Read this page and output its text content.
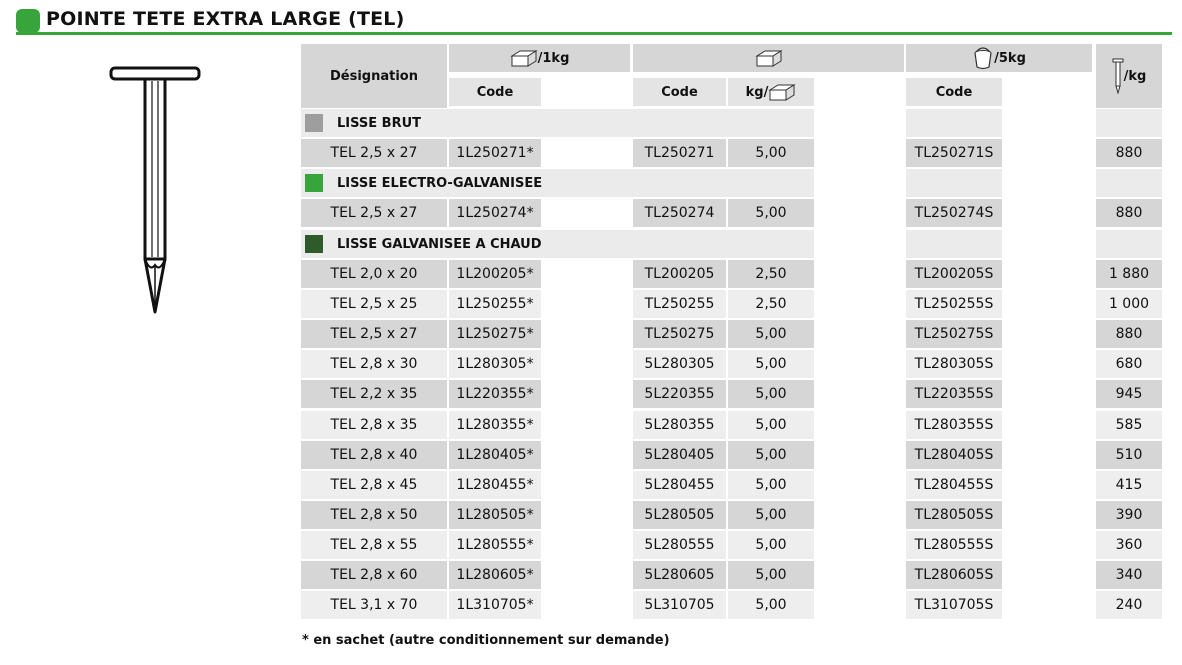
POINTE TETE EXTRA LARGE (TEL)
Désignation
/1kg	/5kg
/kg
Code	Code	kg/	Code
LISSE BRUT
TEL 2,5 x 27	1L250271*	TL250271	5,00	TL250271S	880
LISSE ELECTRO-GALVANISEE
TEL 2,5 x 27	1L250274*	TL250274	5,00	TL250274S	880
LISSE GALVANISEE A CHAUD
TEL 2,0 x 20	1L200205*	TL200205	2,50	TL200205S	1 880
TEL 2,5 x 25	1L250255*	TL250255	2,50	TL250255S	1 000
TEL 2,5 x 27	1L250275*	TL250275	5,00	TL250275S	880
TEL 2,8 x 30	1L280305*	5L280305	5,00	TL280305S	680
TEL 2,2 x 35	1L220355*	5L220355	5,00	TL220355S	945
TEL 2,8 x 35	1L280355*	5L280355	5,00	TL280355S	585
TEL 2,8 x 40	1L280405*	5L280405	5,00	TL280405S	510
TEL 2,8 x 45	1L280455*	5L280455	5,00	TL280455S	415
TEL 2,8 x 50	1L280505*	5L280505	5,00	TL280505S	390
TEL 2,8 x 55	1L280555*	5L280555	5,00	TL280555S	360
TEL 2,8 x 60	1L280605*	5L280605	5,00	TL280605S	340
TEL 3,1 x 70	1L310705*	5L310705	5,00	TL310705S	240
* en sachet (autre conditionnement sur demande)
